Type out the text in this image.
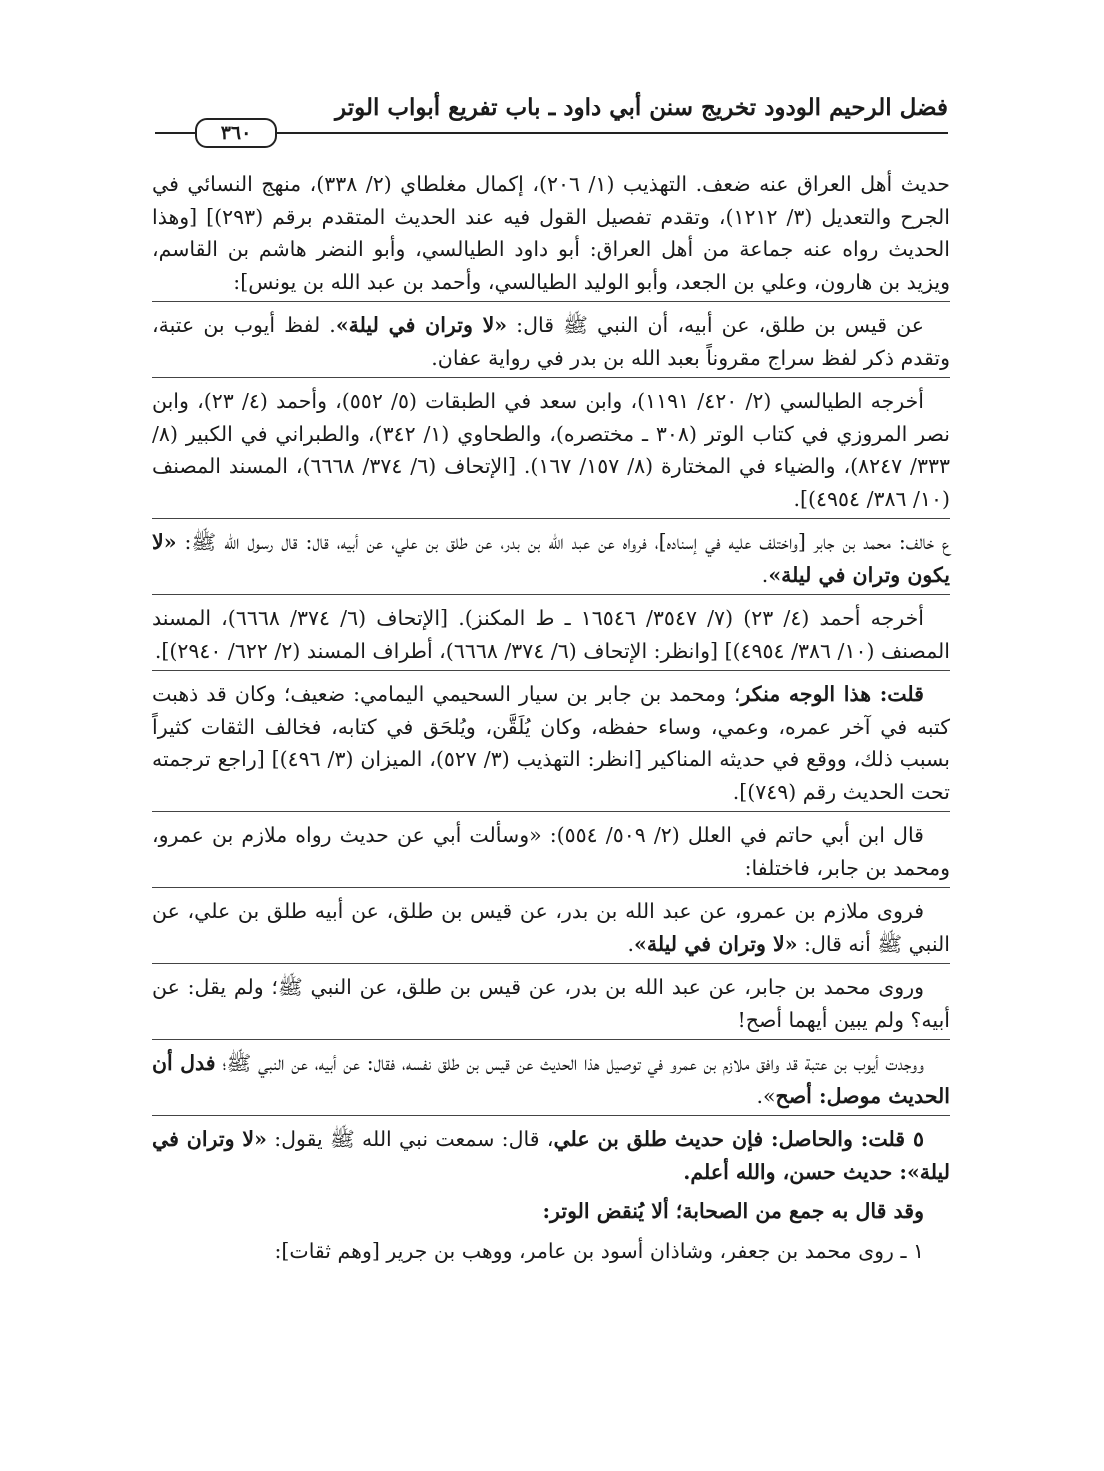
فضل الرحيم الودود تخريج سنن أبي داود ـ باب تفريع أبواب الوتر
٣٦٠

حديث أهل العراق عنه ضعف. التهذيب (١/ ٢٠٦)، إكمال مغلطاي (٢/ ٣٣٨)، منهج النسائي في الجرح والتعديل (٣/ ١٢١٢)، وتقدم تفصيل القول فيه عند الحديث المتقدم برقم (٢٩٣)] [وهذا الحديث رواه عنه جماعة من أهل العراق: أبو داود الطيالسي، وأبو النضر هاشم بن القاسم، ويزيد بن هارون، وعلي بن الجعد، وأبو الوليد الطيالسي، وأحمد بن عبد الله بن يونس]:

عن قيس بن طلق، عن أبيه، أن النبي ﷺ قال: «لا وتران في ليلة». لفظ أيوب بن عتبة، وتقدم ذكر لفظ سراج مقروناً بعبد الله بن بدر في رواية عفان.

أخرجه الطيالسي (٢/ ٤٢٠/ ١١٩١)، وابن سعد في الطبقات (٥/ ٥٥٢)، وأحمد (٤/ ٢٣)، وابن نصر المروزي في كتاب الوتر (٣٠٨ ـ مختصره)، والطحاوي (١/ ٣٤٢)، والطبراني في الكبير (٨/ ٣٣٣/ ٨٢٤٧)، والضياء في المختارة (٨/ ١٥٧/ ١٦٧). [الإتحاف (٦/ ٣٧٤/ ٦٦٦٨)، المسند المصنف (١٠/ ٣٨٦/ ٤٩٥٤)].

ع خالف: محمد بن جابر [واختلف عليه في إسناده]، فرواه عن عبد الله بن بدر، عن طلق بن علي، عن أبيه، قال: قال رسول الله ﷺ: «لا يكون وتران في ليلة».

أخرجه أحمد (٤/ ٢٣) (٧/ ٣٥٤٧/ ١٦٥٤٦ ـ ط المكنز). [الإتحاف (٦/ ٣٧٤/ ٦٦٦٨)، المسند المصنف (١٠/ ٣٨٦/ ٤٩٥٤)] [وانظر: الإتحاف (٦/ ٣٧٤/ ٦٦٦٨)، أطراف المسند (٢/ ٦٢٢/ ٢٩٤٠)].

قلت: هذا الوجه منكر؛ ومحمد بن جابر بن سيار السحيمي اليمامي: ضعيف؛ وكان قد ذهبت كتبه في آخر عمره، وعمي، وساء حفظه، وكان يُلَقَّن، ويُلحَق في كتابه، فخالف الثقات كثيراً بسبب ذلك، ووقع في حديثه المناكير [انظر: التهذيب (٣/ ٥٢٧)، الميزان (٣/ ٤٩٦)] [راجع ترجمته تحت الحديث رقم (٧٤٩)].

قال ابن أبي حاتم في العلل (٢/ ٥٠٩/ ٥٥٤): «وسألت أبي عن حديث رواه ملازم بن عمرو، ومحمد بن جابر، فاختلفا:

فروى ملازم بن عمرو، عن عبد الله بن بدر، عن قيس بن طلق، عن أبيه طلق بن علي، عن النبي ﷺ أنه قال: «لا وتران في ليلة».

وروى محمد بن جابر، عن عبد الله بن بدر، عن قيس بن طلق، عن النبي ﷺ؛ ولم يقل: عن أبيه؟ ولم يبين أيهما أصح!

ووجدت أيوب بن عتبة قد وافق ملازم بن عمرو في توصيل هذا الحديث عن قيس بن طلق نفسه، فقال: عن أبيه، عن النبي ﷺ؛ فدل أن الحديث موصل: أصح».

٥ قلت: والحاصل: فإن حديث طلق بن علي، قال: سمعت نبي الله ﷺ يقول: «لا وتران في ليلة»: حديث حسن، والله أعلم.

وقد قال به جمع من الصحابة؛ ألا يُنقض الوتر:

١ ـ روى محمد بن جعفر، وشاذان أسود بن عامر، ووهب بن جرير [وهم ثقات]:
